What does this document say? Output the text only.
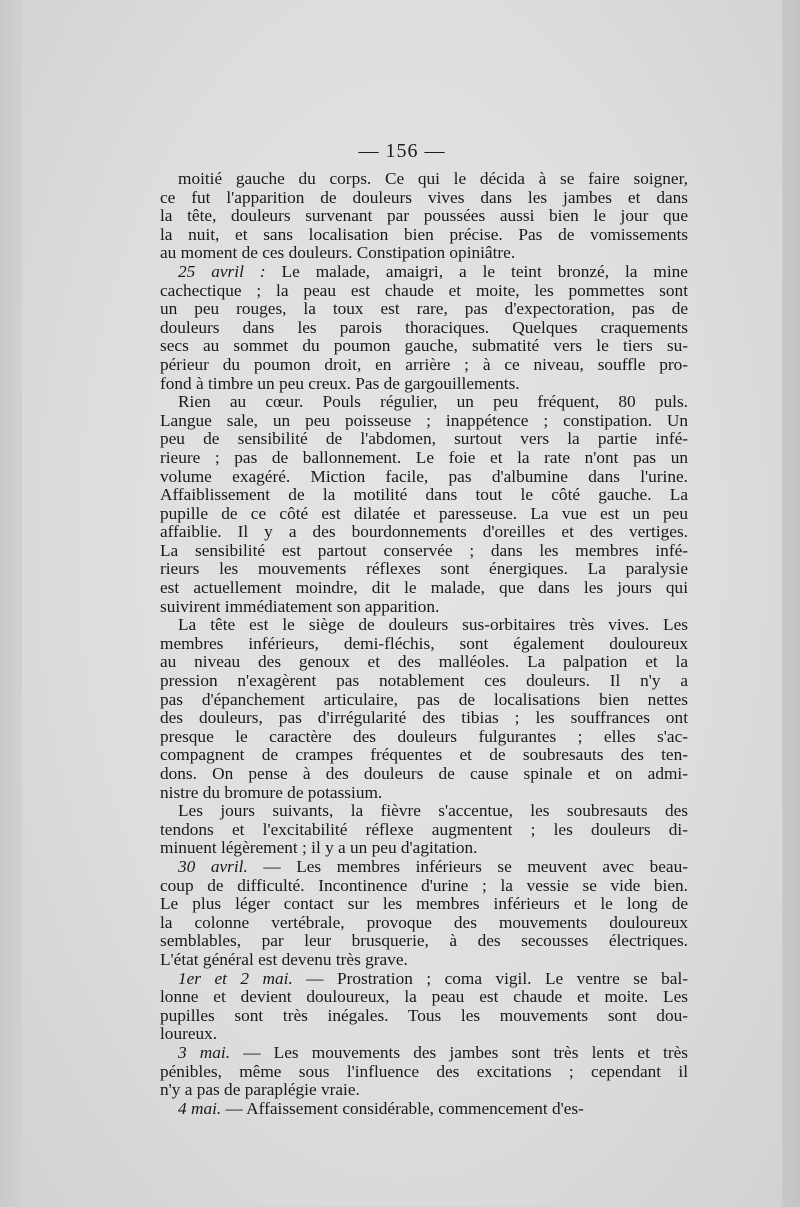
— 156 —
moitié gauche du corps. Ce qui le décida à se faire soigner,
ce fut l'apparition de douleurs vives dans les jambes et dans
la tête, douleurs survenant par poussées aussi bien le jour que
la nuit, et sans localisation bien précise. Pas de vomissements
au moment de ces douleurs. Constipation opiniâtre.
25 avril : Le malade, amaigri, a le teint bronzé, la mine
cachectique ; la peau est chaude et moite, les pommettes sont
un peu rouges, la toux est rare, pas d'expectoration, pas de
douleurs dans les parois thoraciques. Quelques craquements
secs au sommet du poumon gauche, submatité vers le tiers su-
périeur du poumon droit, en arrière ; à ce niveau, souffle pro-
fond à timbre un peu creux. Pas de gargouillements.
Rien au cœur. Pouls régulier, un peu fréquent, 80 puls.
Langue sale, un peu poisseuse ; inappétence ; constipation. Un
peu de sensibilité de l'abdomen, surtout vers la partie infé-
rieure ; pas de ballonnement. Le foie et la rate n'ont pas un
volume exagéré. Miction facile, pas d'albumine dans l'urine.
Affaiblissement de la motilité dans tout le côté gauche. La
pupille de ce côté est dilatée et paresseuse. La vue est un peu
affaiblie. Il y a des bourdonnements d'oreilles et des vertiges.
La sensibilité est partout conservée ; dans les membres infé-
rieurs les mouvements réflexes sont énergiques. La paralysie
est actuellement moindre, dit le malade, que dans les jours qui
suivirent immédiatement son apparition.
La tête est le siège de douleurs sus-orbitaires très vives. Les
membres inférieurs, demi-fléchis, sont également douloureux
au niveau des genoux et des malléoles. La palpation et la
pression n'exagèrent pas notablement ces douleurs. Il n'y a
pas d'épanchement articulaire, pas de localisations bien nettes
des douleurs, pas d'irrégularité des tibias ; les souffrances ont
presque le caractère des douleurs fulgurantes ; elles s'ac-
compagnent de crampes fréquentes et de soubresauts des ten-
dons. On pense à des douleurs de cause spinale et on admi-
nistre du bromure de potassium.
Les jours suivants, la fièvre s'accentue, les soubresauts des
tendons et l'excitabilité réflexe augmentent ; les douleurs di-
minuent légèrement ; il y a un peu d'agitation.
30 avril. — Les membres inférieurs se meuvent avec beau-
coup de difficulté. Incontinence d'urine ; la vessie se vide bien.
Le plus léger contact sur les membres inférieurs et le long de
la colonne vertébrale, provoque des mouvements douloureux
semblables, par leur brusquerie, à des secousses électriques.
L'état général est devenu très grave.
1er et 2 mai. — Prostration ; coma vigil. Le ventre se bal-
lonne et devient douloureux, la peau est chaude et moite. Les
pupilles sont très inégales. Tous les mouvements sont dou-
loureux.
3 mai. — Les mouvements des jambes sont très lents et très
pénibles, même sous l'influence des excitations ; cependant il
n'y a pas de paraplégie vraie.
4 mai. — Affaissement considérable, commencement d'es-
